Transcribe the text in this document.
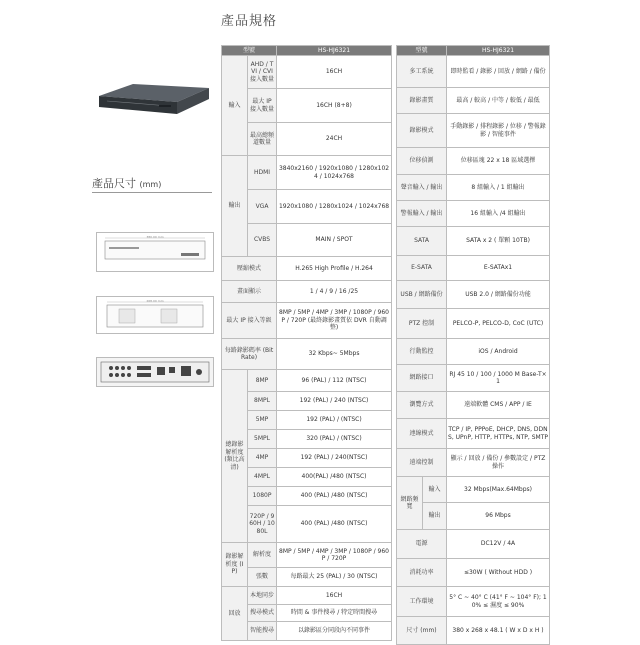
產品規格
產品尺寸 (mm)
380.00 mm
268.00 mm
型號		HS-HJ6321
輸入	AHD / TVI / CVI 接入數量	16CH
	最大 IP 接入數量	16CH (8+8)
	最高總頻道數量	24CH
輸出	HDMI	3840x2160 / 1920x1080 / 1280x1024 / 1024x768
	VGA	1920x1080 / 1280x1024 / 1024x768
	CVBS	MAIN / SPOT
壓縮模式		H.265 High Profile / H.264
畫面顯示		1 / 4 / 9 / 16 /25
最大 IP 接入等級		8MP / 5MP / 4MP / 3MP / 1080P / 960P / 720P (最終錄影畫質依 DVR 自動調整)
每路錄影碼率 (Bit Rate)		32 Kbps~ 5Mbps
總錄影解析度 (類比高清)	8MP	96 (PAL) / 112 (NTSC)
	8MPL	192 (PAL) / 240 (NTSC)
	5MP	192 (PAL) / (NTSC)
	5MPL	320 (PAL) / (NTSC)
	4MP	192 (PAL) / 240(NTSC)
	4MPL	400(PAL) /480 (NTSC)
	1080P	400 (PAL) /480 (NTSC)
	720P / 960H / 1080L	400 (PAL) /480 (NTSC)
錄影解析度 (IP)	解析度	8MP / 5MP / 4MP / 3MP / 1080P / 960P / 720P
	張數	每路最大 25 (PAL) / 30 (NTSC)
回放	本地同步	16CH
	搜尋模式	時間 & 事件搜尋 / 特定時間搜尋
	智能搜尋	以錄影區分同段內不同事件
型號		HS-HJ6321
多工系統		即時監看 / 錄影 / 回放 / 網路 / 備份
錄影畫質		最高 / 較高 / 中等 / 較低 / 最低
錄影模式		手動錄影 / 排程錄影 / 位移 / 警報錄影 / 智能事件
位移偵測		位移區塊 22 x 18 區域選擇
聲音輸入 / 輸出		8 組輸入 / 1 組輸出
警報輸入 / 輸出		16 組輸入 /4 組輸出
SATA		SATA x 2 ( 單顆 10TB)
E-SATA		E-SATAx1
USB / 網路備份		USB 2.0 / 網路備份功能
PTZ 控制		PELCO-P, PELCO-D, CoC (UTC)
行動監控		iOS / Android
網路接口		RJ 45 10 / 100 / 1000 M Base-T× 1
瀏覽方式		遠端軟體 CMS / APP / IE
連線模式		TCP / IP, PPPoE, DHCP, DNS, DDNS, UPnP, HTTP, HTTPs, NTP, SMTP
遠端控制		顯示 / 回放 / 備份 / 參數設定 / PTZ 操作
網路頻寬	輸入	32 Mbps(Max.64Mbps)
	輸出	96 Mbps
電源		DC12V / 4A
消耗功率		≤30W ( Without HDD )
工作環境		5° C ~ 40° C (41° F ~ 104° F); 10% ≤ 濕度 ≤ 90%
尺寸 (mm)		380 x 268 x 48.1 ( W x D x H )
